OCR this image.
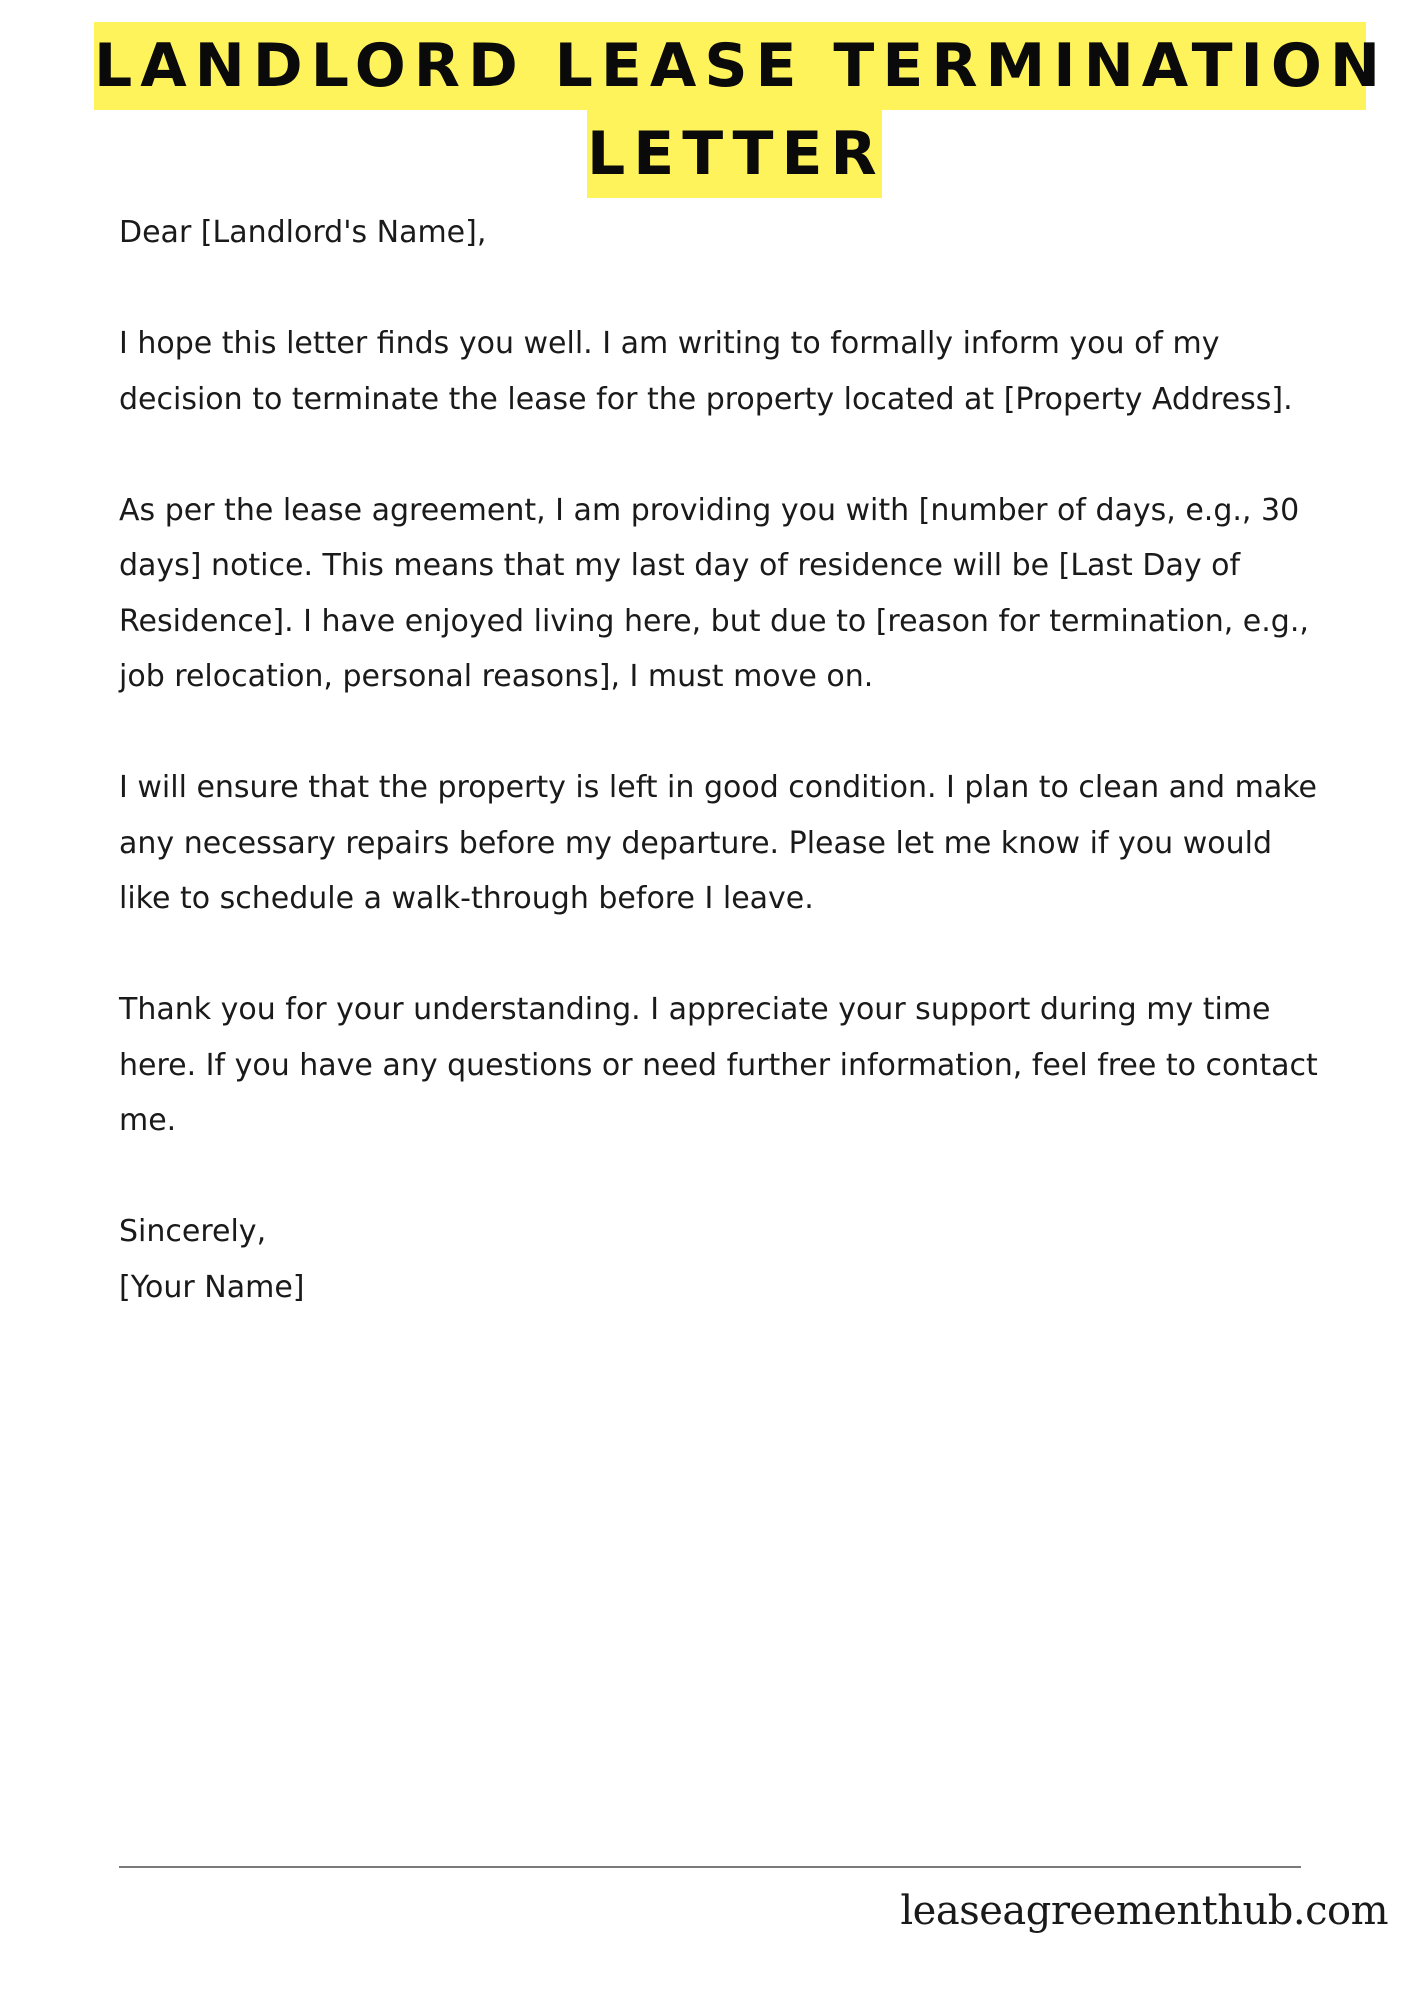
LANDLORD LEASE TERMINATION
LETTER

Dear [Landlord's Name],

I hope this letter finds you well. I am writing to formally inform you of my decision to terminate the lease for the property located at [Property Address].

As per the lease agreement, I am providing you with [number of days, e.g., 30 days] notice. This means that my last day of residence will be [Last Day of Residence]. I have enjoyed living here, but due to [reason for termination, e.g., job relocation, personal reasons], I must move on.

I will ensure that the property is left in good condition. I plan to clean and make any necessary repairs before my departure. Please let me know if you would like to schedule a walk-through before I leave.

Thank you for your understanding. I appreciate your support during my time here. If you have any questions or need further information, feel free to contact me.

Sincerely,

[Your Name]

leaseagreementhub.com
